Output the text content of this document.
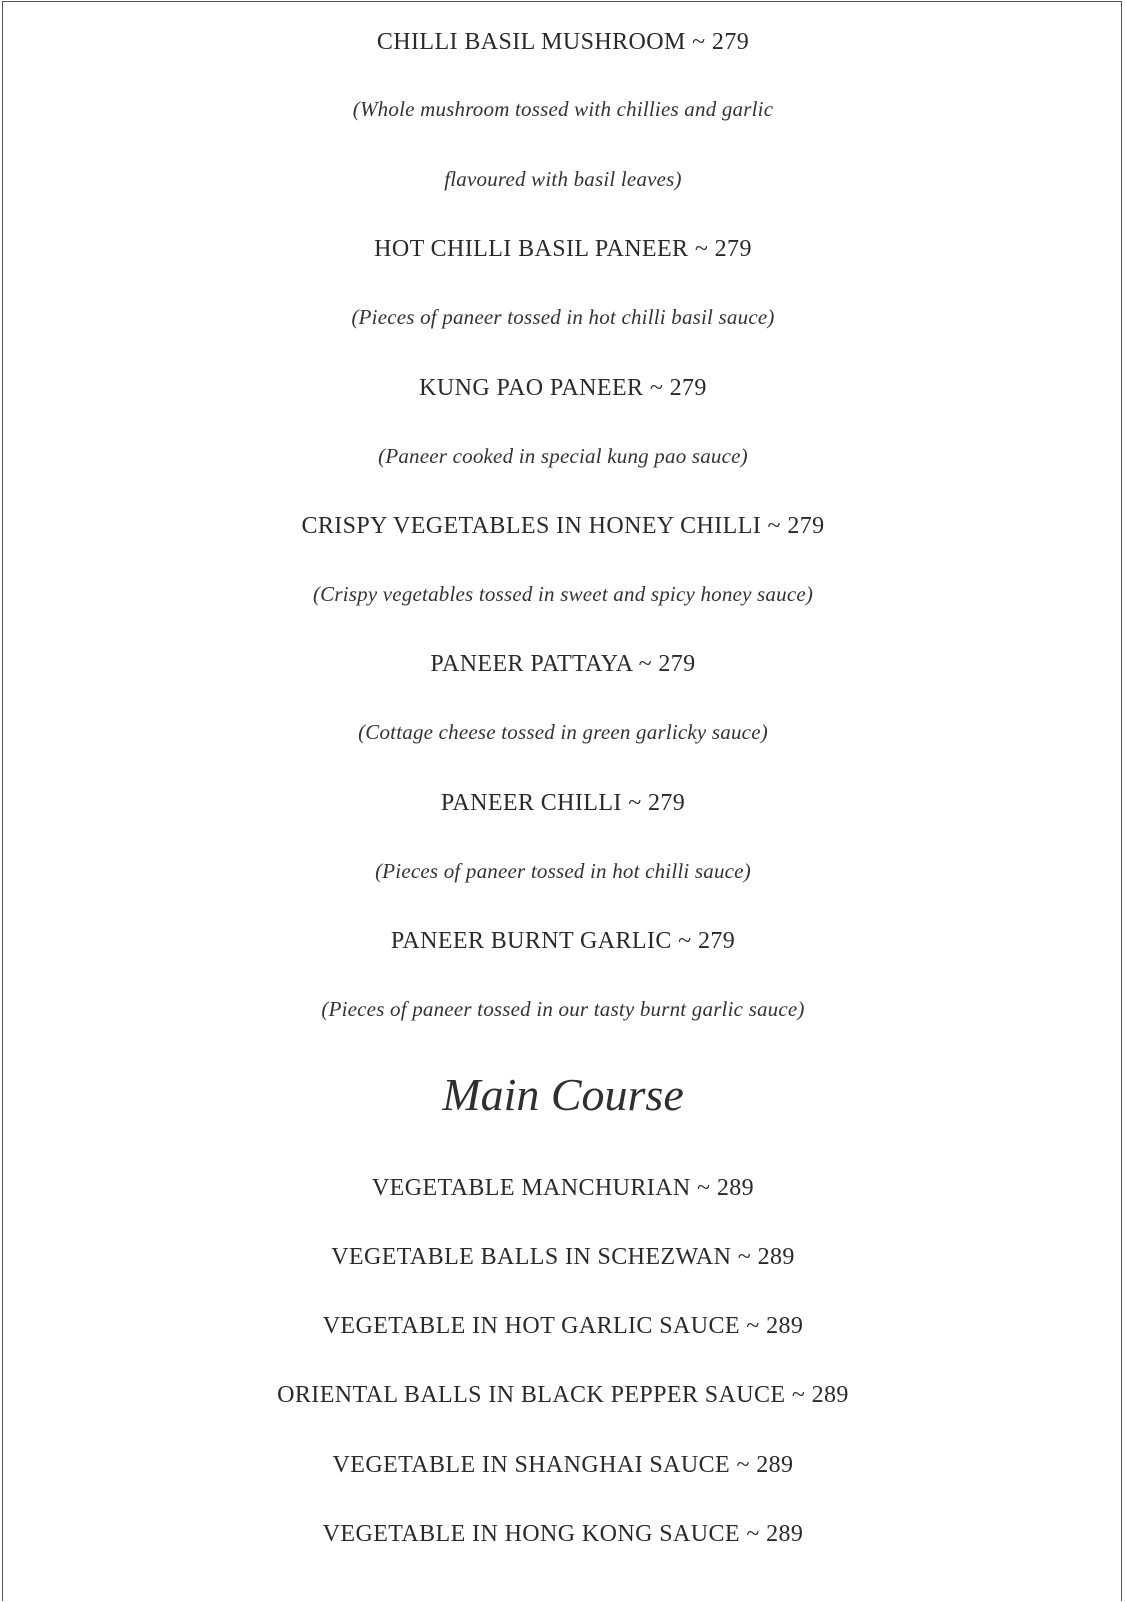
CHILLI BASIL MUSHROOM ~ 279
(Whole mushroom tossed with chillies and garlic
flavoured with basil leaves)
HOT CHILLI BASIL PANEER ~ 279
(Pieces of paneer tossed in hot chilli basil sauce)
KUNG PAO PANEER ~ 279
(Paneer cooked in special kung pao sauce)
CRISPY VEGETABLES IN HONEY CHILLI ~ 279
(Crispy vegetables tossed in sweet and spicy honey sauce)
PANEER PATTAYA ~ 279
(Cottage cheese tossed in green garlicky sauce)
PANEER CHILLI ~ 279
(Pieces of paneer tossed in hot chilli sauce)
PANEER BURNT GARLIC ~ 279
(Pieces of paneer tossed in our tasty burnt garlic sauce)
Main Course
VEGETABLE MANCHURIAN ~ 289
VEGETABLE BALLS IN SCHEZWAN ~ 289
VEGETABLE IN HOT GARLIC SAUCE ~ 289
ORIENTAL BALLS IN BLACK PEPPER SAUCE ~ 289
VEGETABLE IN SHANGHAI SAUCE ~ 289
VEGETABLE IN HONG KONG SAUCE ~ 289
